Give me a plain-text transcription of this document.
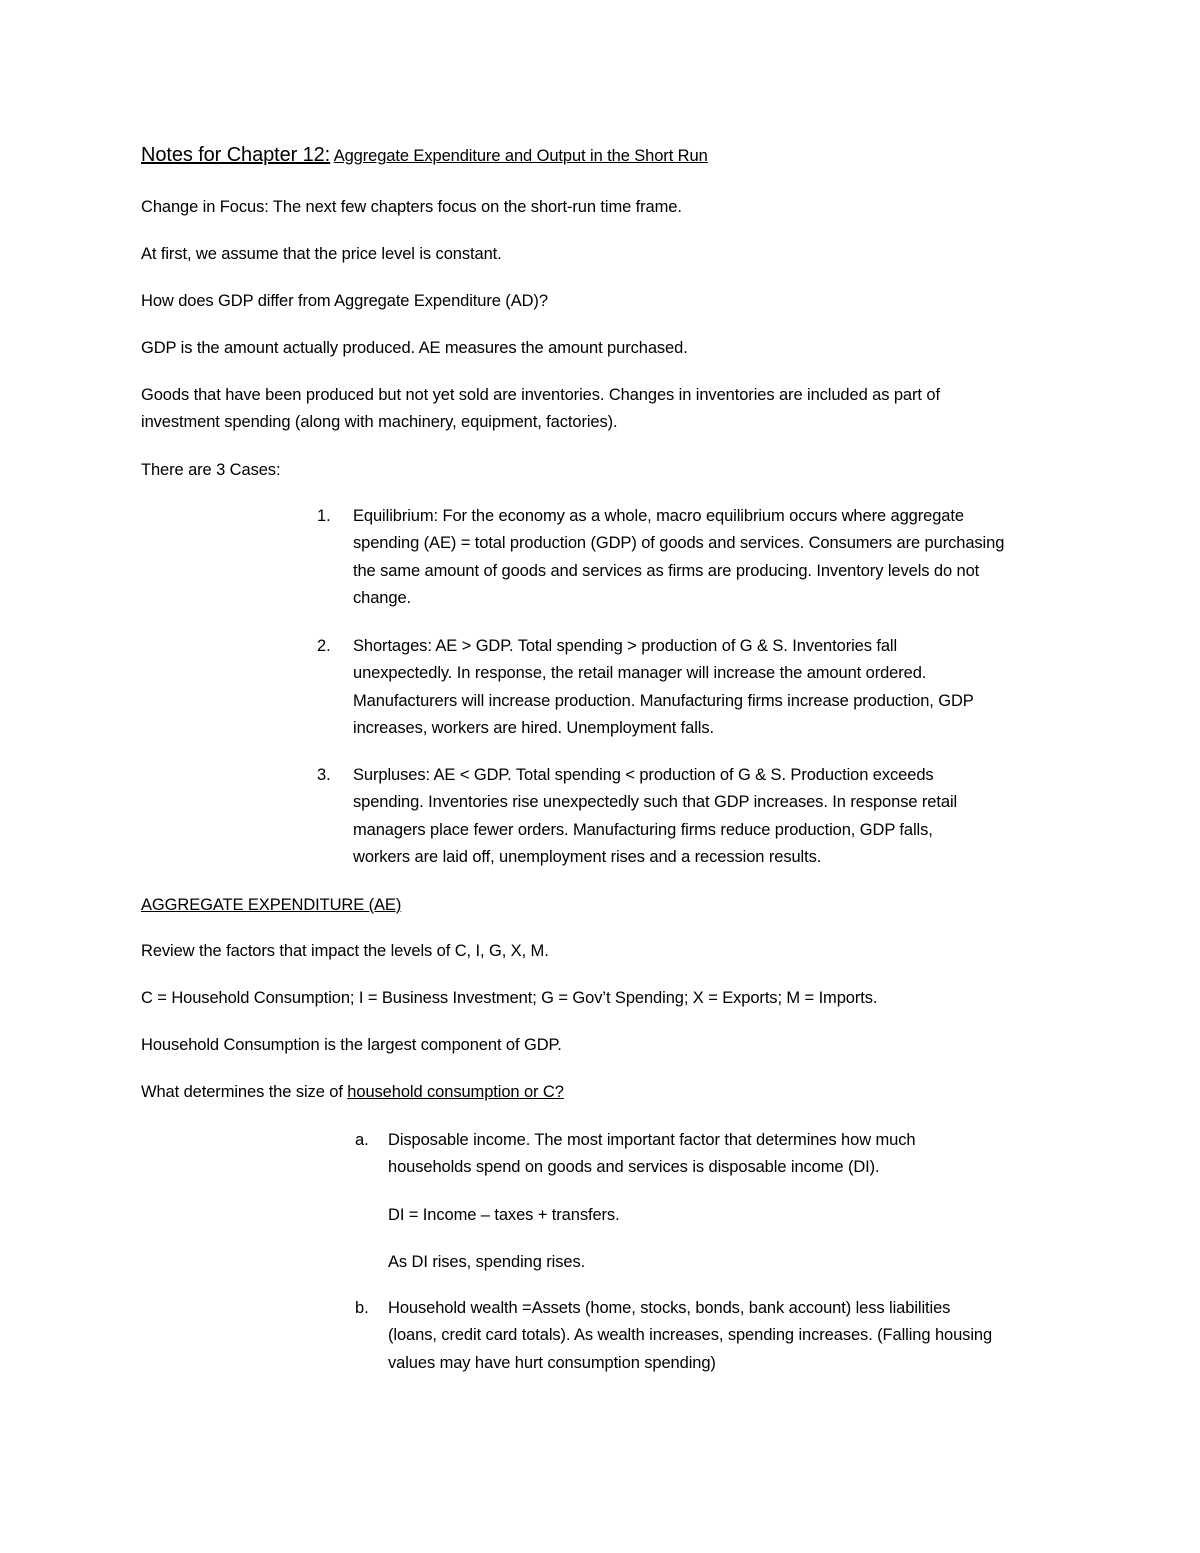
Notes for Chapter 12: Aggregate Expenditure and Output in the Short Run
Change in Focus: The next few chapters focus on the short-run time frame.
At first, we assume that the price level is constant.
How does GDP differ from Aggregate Expenditure (AD)?
GDP is the amount actually produced. AE measures the amount purchased.
Goods that have been produced but not yet sold are inventories. Changes in inventories are included as part of
investment spending (along with machinery, equipment, factories).
There are 3 Cases:
1. Equilibrium: For the economy as a whole, macro equilibrium occurs where aggregate

spending (AE) = total production (GDP) of goods and services. Consumers are purchasing

the same amount of goods and services as firms are producing. Inventory levels do not

change.

2. Shortages: AE > GDP. Total spending > production of G & S. Inventories fall

unexpectedly. In response, the retail manager will increase the amount ordered.

Manufacturers will increase production. Manufacturing firms increase production, GDP

increases, workers are hired. Unemployment falls.

3. Surpluses: AE < GDP. Total spending < production of G & S. Production exceeds

spending. Inventories rise unexpectedly such that GDP increases. In response retail

managers place fewer orders. Manufacturing firms reduce production, GDP falls,

workers are laid off, unemployment rises and a recession results.

AGGREGATE EXPENDITURE (AE)
Review the factors that impact the levels of C, I, G, X, M.
C = Household Consumption; I = Business Investment; G = Gov’t Spending; X = Exports; M = Imports.
Household Consumption is the largest component of GDP.
What determines the size of household consumption or C?
a. Disposable income. The most important factor that determines how much

households spend on goods and services is disposable income (DI).

DI = Income – taxes + transfers.

As DI rises, spending rises.

b. Household wealth =Assets (home, stocks, bonds, bank account) less liabilities

(loans, credit card totals). As wealth increases, spending increases. (Falling housing

values may have hurt consumption spending)
